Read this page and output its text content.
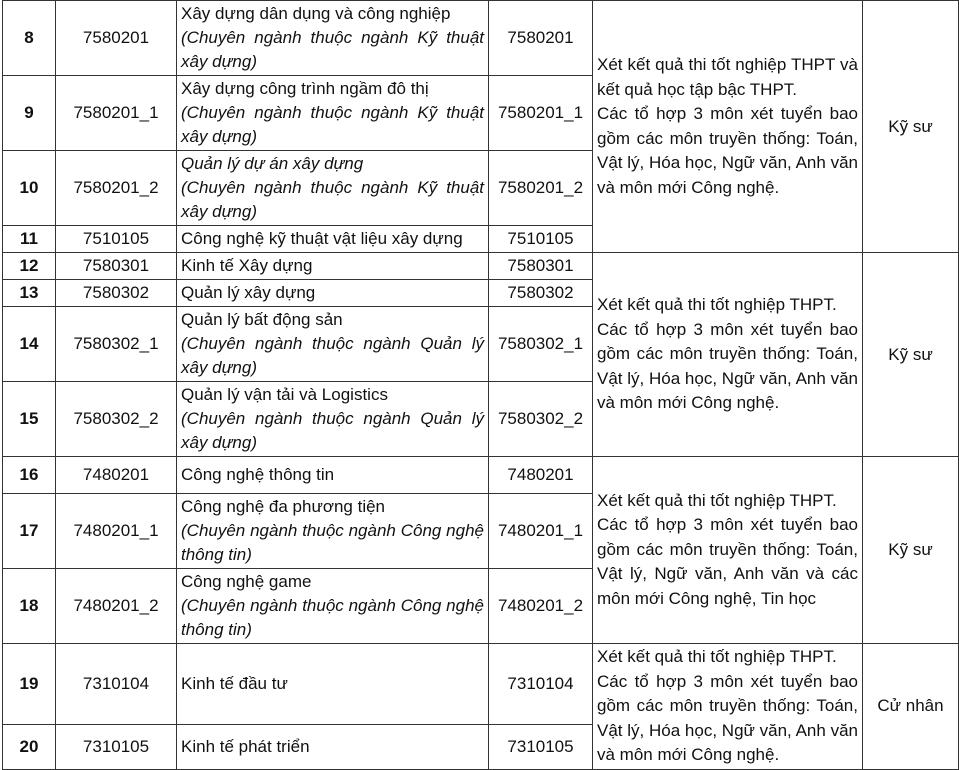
8	7580201	Xây dựng dân dụng và công nghiệp
(Chuyên ngành thuộc ngành Kỹ thuật xây dựng)	7580201	Xét kết quả thi tốt nghiệp THPT và kết quả học tập bậc THPT.
Các tổ hợp 3 môn xét tuyển bao gồm các môn truyền thống: Toán, Vật lý, Hóa học, Ngữ văn, Anh văn và môn mới Công nghệ.	Kỹ sư
9	7580201_1	Xây dựng công trình ngầm đô thị
(Chuyên ngành thuộc ngành Kỹ thuật xây dựng)	7580201_1		
10	7580201_2	Quản lý dự án xây dựng
(Chuyên ngành thuộc ngành Kỹ thuật xây dựng)	7580201_2		
11	7510105	Công nghệ kỹ thuật vật liệu xây dựng	7510105		
12	7580301	Kinh tế Xây dựng	7580301	Xét kết quả thi tốt nghiệp THPT.
Các tổ hợp 3 môn xét tuyển bao gồm các môn truyền thống: Toán, Vật lý, Hóa học, Ngữ văn, Anh văn và môn mới Công nghệ.	Kỹ sư
13	7580302	Quản lý xây dựng	7580302		
14	7580302_1	Quản lý bất động sản
(Chuyên ngành thuộc ngành Quản lý xây dựng)	7580302_1		
15	7580302_2	Quản lý vận tải và Logistics
(Chuyên ngành thuộc ngành Quản lý xây dựng)	7580302_2		
16	7480201	Công nghệ thông tin	7480201	Xét kết quả thi tốt nghiệp THPT.
Các tổ hợp 3 môn xét tuyển bao gồm các môn truyền thống: Toán, Vật lý, Ngữ văn, Anh văn và các môn mới Công nghệ, Tin học	Kỹ sư
17	7480201_1	Công nghệ đa phương tiện
(Chuyên ngành thuộc ngành Công nghệ thông tin)	7480201_1		
18	7480201_2	Công nghệ game
(Chuyên ngành thuộc ngành Công nghệ thông tin)	7480201_2		
19	7310104	Kinh tế đầu tư	7310104	Xét kết quả thi tốt nghiệp THPT.
Các tổ hợp 3 môn xét tuyển bao gồm các môn truyền thống: Toán, Vật lý, Hóa học, Ngữ văn, Anh văn và môn mới Công nghệ.	Cử nhân
20	7310105	Kinh tế phát triển	7310105		
